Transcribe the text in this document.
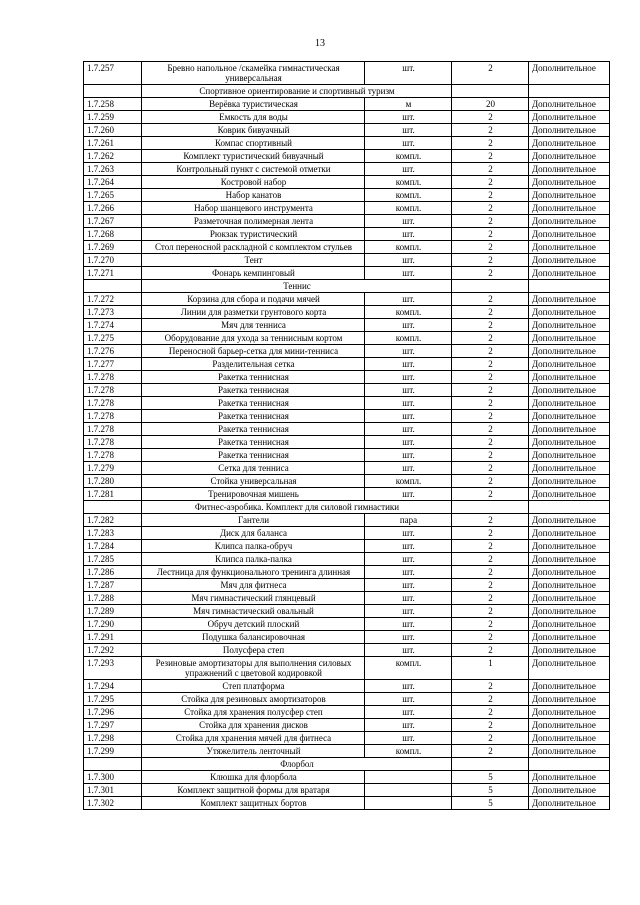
13
1.7.257	Бревно напольное /скамейка гимнастическая универсальная	шт.	2	Дополнительное
	Спортивное ориентирование и спортивный туризм			
1.7.258	Верёвка туристическая	м	20	Дополнительное
1.7.259	Емкость для воды	шт.	2	Дополнительное
1.7.260	Коврик бивуачный	шт.	2	Дополнительное
1.7.261	Компас спортивный	шт.	2	Дополнительное
1.7.262	Комплект туристический бивуачный	компл.	2	Дополнительное
1.7.263	Контрольный пункт с системой отметки	шт.	2	Дополнительное
1.7.264	Костровой набор	компл.	2	Дополнительное
1.7.265	Набор канатов	компл.	2	Дополнительное
1.7.266	Набор шанцевого инструмента	компл.	2	Дополнительное
1.7.267	Разметочная полимерная лента	шт.	2	Дополнительное
1.7.268	Рюкзак туристический	шт.	2	Дополнительное
1.7.269	Стол переносной раскладной с комплектом стульев	компл.	2	Дополнительное
1.7.270	Тент	шт.	2	Дополнительное
1.7.271	Фонарь кемпинговый	шт.	2	Дополнительное
	Теннис			
1.7.272	Корзина для сбора и подачи мячей	шт.	2	Дополнительное
1.7.273	Линии для разметки грунтового корта	компл.	2	Дополнительное
1.7.274	Мяч для тенниса	шт.	2	Дополнительное
1.7.275	Оборудование для ухода за теннисным кортом	компл.	2	Дополнительное
1.7.276	Переносной барьер-сетка для мини-тенниса	шт.	2	Дополнительное
1.7.277	Разделительная сетка	шт.	2	Дополнительное
1.7.278	Ракетка теннисная	шт.	2	Дополнительное
1.7.278	Ракетка теннисная	шт.	2	Дополнительное
1.7.278	Ракетка теннисная	шт.	2	Дополнительное
1.7.278	Ракетка теннисная	шт.	2	Дополнительное
1.7.278	Ракетка теннисная	шт.	2	Дополнительное
1.7.278	Ракетка теннисная	шт.	2	Дополнительное
1.7.278	Ракетка теннисная	шт.	2	Дополнительное
1.7.279	Сетка для тенниса	шт.	2	Дополнительное
1.7.280	Стойка универсальная	компл.	2	Дополнительное
1.7.281	Тренировочная мишень	шт.	2	Дополнительное
	Фитнес-аэробика. Комплект для силовой гимнастики			
1.7.282	Гантели	пара	2	Дополнительное
1.7.283	Диск для баланса	шт.	2	Дополнительное
1.7.284	Клипса палка-обруч	шт.	2	Дополнительное
1.7.285	Клипса палка-палка	шт.	2	Дополнительное
1.7.286	Лестница для функционального тренинга длинная	шт.	2	Дополнительное
1.7.287	Мяч для фитнеса	шт.	2	Дополнительное
1.7.288	Мяч гимнастический глянцевый	шт.	2	Дополнительное
1.7.289	Мяч гимнастический овальный	шт.	2	Дополнительное
1.7.290	Обруч детский плоский	шт.	2	Дополнительное
1.7.291	Подушка балансировочная	шт.	2	Дополнительное
1.7.292	Полусфера степ	шт.	2	Дополнительное
1.7.293	Резиновые амортизаторы для выполнения силовых упражнений с цветовой кодировкой	компл.	1	Дополнительное
1.7.294	Степ платформа	шт.	2	Дополнительное
1.7.295	Стойка для резиновых амортизаторов	шт.	2	Дополнительное
1.7.296	Стойка для хранения полусфер степ	шт.	2	Дополнительное
1.7.297	Стойка для хранения дисков	шт.	2	Дополнительное
1.7.298	Стойка для хранения мячей для фитнеса	шт.	2	Дополнительное
1.7.299	Утяжелитель ленточный	компл.	2	Дополнительное
	Флорбол			
1.7.300	Клюшка для флорбола		5	Дополнительное
1.7.301	Комплект защитной формы для вратаря		5	Дополнительное
1.7.302	Комплект защитных бортов		5	Дополнительное
